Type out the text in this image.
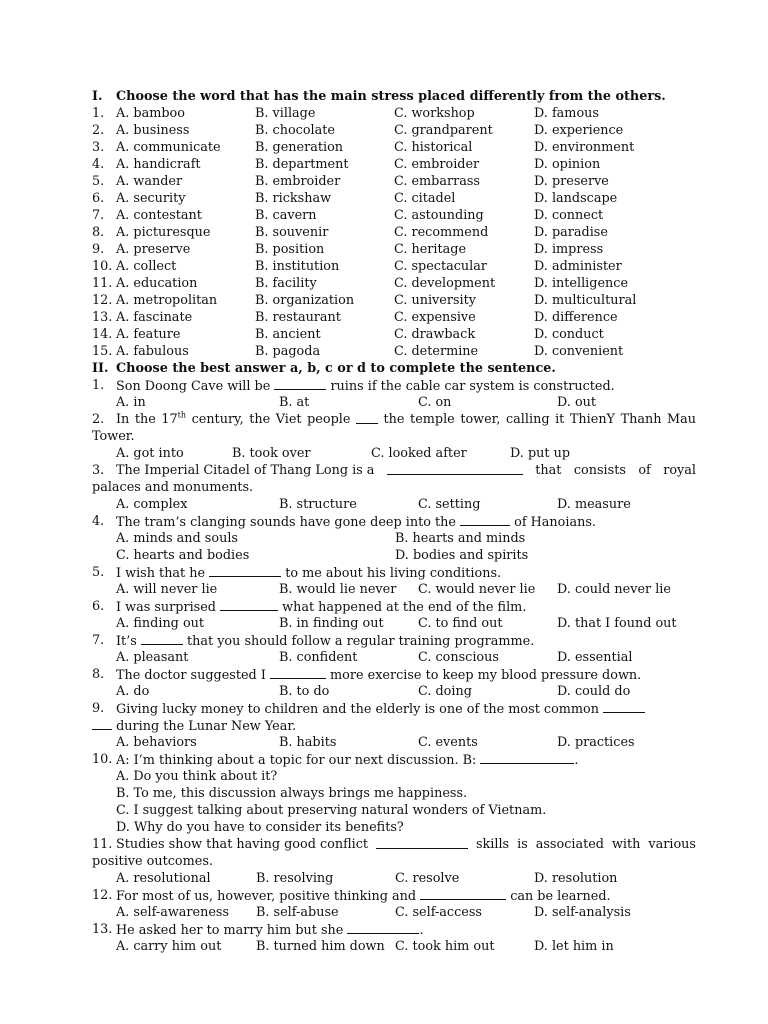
I. Choose the word that has the main stress placed differently from the others.
1. A. bamboo	B. village	C. workshop	D. famous
2. A. business	B. chocolate	C. grandparent	D. experience
3. A. communicate	B. generation	C. historical	D. environment
4. A. handicraft	B. department	C. embroider	D. opinion
5. A. wander	B. embroider	C. embarrass	D. preserve
6. A. security	B. rickshaw	C. citadel	D. landscape
7. A. contestant	B. cavern	C. astounding	D. connect
8. A. picturesque	B. souvenir	C. recommend	D. paradise
9. A. preserve	B. position	C. heritage	D. impress
10. A. collect	B. institution	C. spectacular	D. administer
11. A. education	B. facility	C. development	D. intelligence
12. A. metropolitan	B. organization	C. university	D. multicultural
13. A. fascinate	B. restaurant	C. expensive	D. difference
14. A. feature	B. ancient	C. drawback	D. conduct
15. A. fabulous	B. pagoda	C. determine	D. convenient
II. Choose the best answer a, b, c or d to complete the sentence.
1. Son Doong Cave will be	ruins if the cable car system is constructed.
A. in	B. at	C. on	D. out
2. In the 17th century, the Viet people	the temple tower, calling it ThienY Thanh Mau
Tower.
A. got into	B. took over	C. looked after	D. put up
3. The Imperial Citadel of Thang Long is a	that consists of royal
palaces and monuments.
A. complex	B. structure	C. setting	D. measure
4. The tram’s clanging sounds have gone deep into the	of Hanoians.
A. minds and souls	B. hearts and minds
C. hearts and bodies	D. bodies and spirits
5. I wish that he	to me about his living conditions.
A. will never lie	B. would lie never C. would never lie D. could never lie
6. I was surprised	what happened at the end of the film.
A. finding out	B. in finding out	C. to find out	D. that I found out
7. It’s	that you should follow a regular training programme.
A. pleasant	B. confident	C. conscious	D. essential
8. The doctor suggested I	more exercise to keep my blood pressure down.
A. do	B. to do	C. doing	D. could do
9. Giving lucky money to children and the elderly is one of the most common
during the Lunar New Year.
A. behaviors	B. habits	C. events	D. practices
10. A: I’m thinking about a topic for our next discussion. B:	.
A. Do you think about it?
B. To me, this discussion always brings me happiness.
C. I suggest talking about preserving natural wonders of Vietnam.
D. Why do you have to consider its benefits?
11. Studies show that having good conflict	skills is associated with various
positive outcomes.
A. resolutional	B. resolving	C. resolve	D. resolution
12. For most of us, however, positive thinking and	can be learned.
A. self-awareness B. self-abuse	C. self-access	D. self-analysis
13. He asked her to marry him but she	.
A. carry him out	B. turned him down C. took him out	D. let him in
